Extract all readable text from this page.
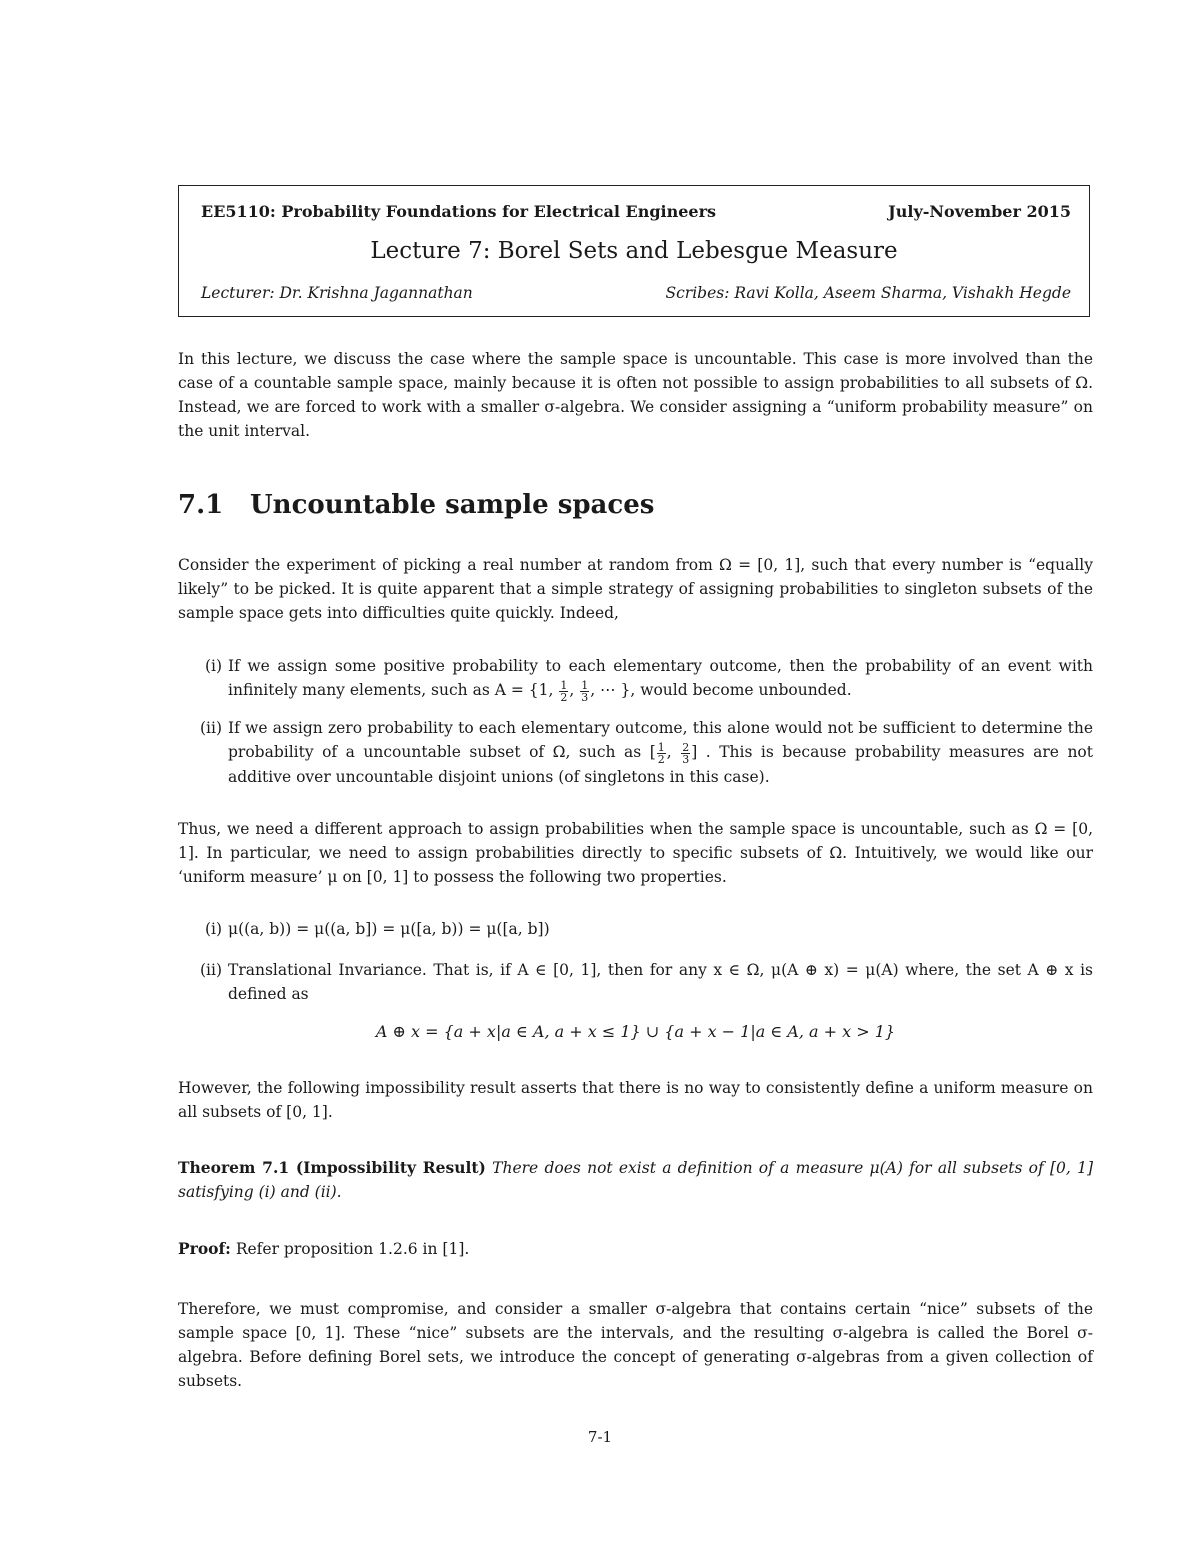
EE5110: Probability Foundations for Electrical Engineers	July-November 2015
Lecture 7: Borel Sets and Lebesgue Measure
Lecturer: Dr. Krishna Jagannathan	Scribes: Ravi Kolla, Aseem Sharma, Vishakh Hegde
In this lecture, we discuss the case where the sample space is uncountable. This case is more involved than the case of a countable sample space, mainly because it is often not possible to assign probabilities to all subsets of Ω. Instead, we are forced to work with a smaller σ-algebra. We consider assigning a “uniform probability measure” on the unit interval.
7.1	Uncountable sample spaces
Consider the experiment of picking a real number at random from Ω = [0, 1], such that every number is “equally likely” to be picked. It is quite apparent that a simple strategy of assigning probabilities to singleton subsets of the sample space gets into difficulties quite quickly. Indeed,
(i) If we assign some positive probability to each elementary outcome, then the probability of an event with infinitely many elements, such as A = {1, $\frac{1}{2}$ , $\frac{1}{3}$ , ⋯ }, would become unbounded.
(ii) If we assign zero probability to each elementary outcome, this alone would not be sufficient to determine the probability of a uncountable subset of Ω, such as [ $\frac{1}{2}$ , $\frac{2}{3}$ ] . This is because probability measures are not additive over uncountable disjoint unions (of singletons in this case).
Thus, we need a different approach to assign probabilities when the sample space is uncountable, such as Ω = [0, 1]. In particular, we need to assign probabilities directly to specific subsets of Ω. Intuitively, we would like our ‘uniform measure’ μ on [0, 1] to possess the following two properties.
(i) μ((a, b)) = μ((a, b]) = μ([a, b)) = μ([a, b])
(ii) Translational Invariance. That is, if A ∈ [0, 1], then for any x ∈ Ω, μ(A ⊕ x) = μ(A) where, the set A ⊕ x is defined as
A ⊕ x = {a + x|a ∈ A, a + x ≤ 1} ∪ {a + x − 1|a ∈ A, a + x > 1}
However, the following impossibility result asserts that there is no way to consistently define a uniform measure on all subsets of [0, 1].
Theorem 7.1 (Impossibility Result) There does not exist a definition of a measure μ(A) for all subsets of [0, 1] satisfying (i) and (ii).
Proof: Refer proposition 1.2.6 in [1].
Therefore, we must compromise, and consider a smaller σ-algebra that contains certain “nice” subsets of the sample space [0, 1]. These “nice” subsets are the intervals, and the resulting σ-algebra is called the Borel σ-algebra. Before defining Borel sets, we introduce the concept of generating σ-algebras from a given collection of subsets.
7-1
